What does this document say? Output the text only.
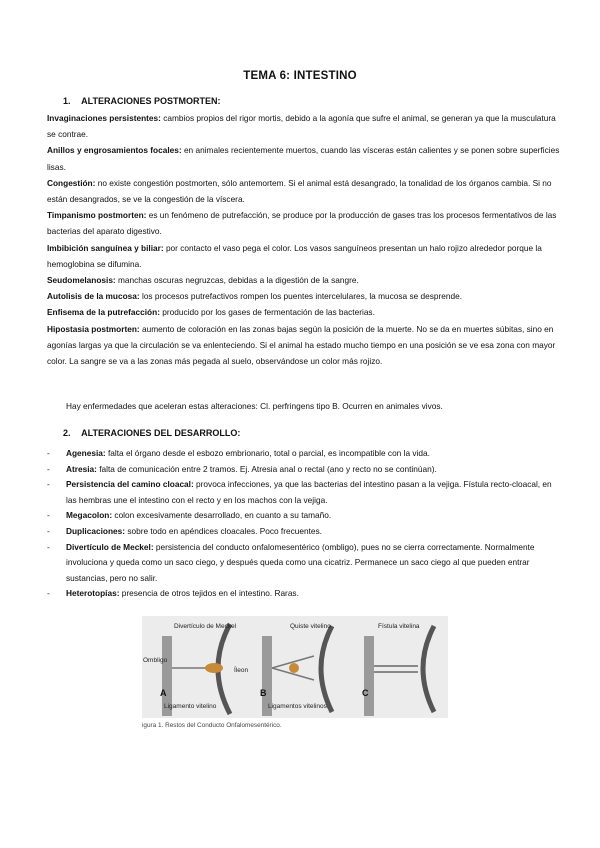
TEMA 6: INTESTINO
1. ALTERACIONES POSTMORTEN:

Invaginaciones persistentes: cambios propios del rigor mortis, debido a la agonía que sufre el animal, se generan ya que la musculatura se contrae.

Anillos y engrosamientos focales: en animales recientemente muertos, cuando las vísceras están calientes y se ponen sobre superficies lisas.

Congestión: no existe congestión postmorten, sólo antemortem. Si el animal está desangrado, la tonalidad de los órganos cambia. Si no están desangrados, se ve la congestión de la víscera.

Timpanismo postmorten: es un fenómeno de putrefacción, se produce por la producción de gases tras los procesos fermentativos de las bacterias del aparato digestivo.

Imbibición sanguínea y biliar: por contacto el vaso pega el color. Los vasos sanguíneos presentan un halo rojizo alrededor porque la hemoglobina se difumina.

Seudomelanosis: manchas oscuras negruzcas, debidas a la digestión de la sangre.

Autolisis de la mucosa: los procesos putrefactivos rompen los puentes intercelulares, la mucosa se desprende.

Enfisema de la putrefacción: producido por los gases de fermentación de las bacterias.

Hipostasia postmorten: aumento de coloración en las zonas bajas según la posición de la muerte. No se da en muertes súbitas, sino en agonías largas ya que la circulación se va enlenteciendo. Si el animal ha estado mucho tiempo en una posición se ve esa zona con mayor color. La sangre se va a las zonas más pegada al suelo, observándose un color más rojizo.

Hay enfermedades que aceleran estas alteraciones: Cl. perfringens tipo B. Ocurren en animales vivos.
2. ALTERACIONES DEL DESARROLLO:
- Agenesia: falta el órgano desde el esbozo embrionario, total o parcial, es incompatible con la vida.
- Atresia: falta de comunicación entre 2 tramos. Ej. Atresia anal o rectal (ano y recto no se continúan).
- Persistencia del camino cloacal: provoca infecciones, ya que las bacterias del intestino pasan a la vejiga. Fístula recto-cloacal, en las hembras une el intestino con el recto y en los machos con la vejiga.
- Megacolon: colon excesivamente desarrollado, en cuanto a su tamaño.
- Duplicaciones: sobre todo en apéndices cloacales. Poco frecuentes.
- Divertículo de Meckel: persistencia del conducto onfalomesentérico (ombligo), pues no se cierra correctamente. Normalmente involuciona y queda como un saco ciego, y después queda como una cicatriz. Permanece un saco ciego al que pueden entrar sustancias, pero no salir.
- Heterotopías: presencia de otros tejidos en el intestino. Raras.
Divertículo de Meckel
Ombligo
Íleon
A
Ligamento vitelino
Quiste vitelino
B
Ligamentos vitelinos
Fístula vitelina
C
igura 1. Restos del Conducto Onfalomesentérico.
